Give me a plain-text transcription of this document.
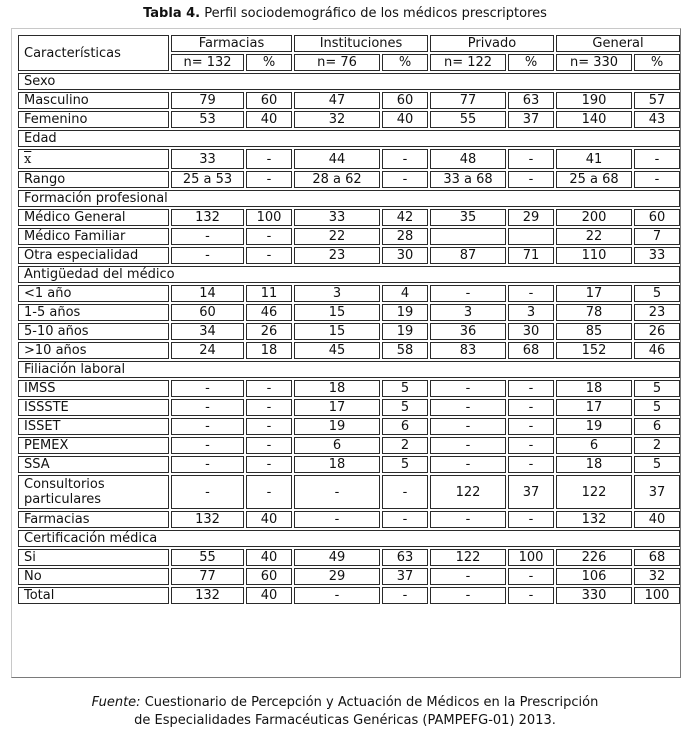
Tabla 4. Perfil sociodemográfico de los médicos prescriptores
Características	Farmacias		Instituciones		Privado		General	
	n= 132	%	n= 76	%	n= 122	%	n= 330	%
Sexo								
Masculino	79	60	47	60	77	63	190	57
Femenino	53	40	32	40	55	37	140	43
Edad								
$\overline{x}$	33	-	44	-	48	-	41	-
Rango	25 a 53	-	28 a 62	-	33 a 68	-	25 a 68	-
Formación profesional								
Médico General	132	100	33	42	35	29	200	60
Médico Familiar	-	-	22	28			22	7
Otra especialidad	-	-	23	30	87	71	110	33
Antigüedad del médico								
<1 año	14	11	3	4	-	-	17	5
1-5 años	60	46	15	19	3	3	78	23
5-10 años	34	26	15	19	36	30	85	26
>10 años	24	18	45	58	83	68	152	46
Filiación laboral								
IMSS	-	-	18	5	-	-	18	5
ISSSTE	-	-	17	5	-	-	17	5
ISSET	-	-	19	6	-	-	19	6
PEMEX	-	-	6	2	-	-	6	2
SSA	-	-	18	5	-	-	18	5
Consultorios particulares	-	-	-	-	122	37	122	37
Farmacias	132	40	-	-	-	-	132	40
Certificación médica								
Si	55	40	49	63	122	100	226	68
No	77	60	29	37	-	-	106	32
Total	132	40	-	-	-	-	330	100
Fuente: Cuestionario de Percepción y Actuación de Médicos en la Prescripción
de Especialidades Farmacéuticas Genéricas (PAMPEFG-01) 2013.
